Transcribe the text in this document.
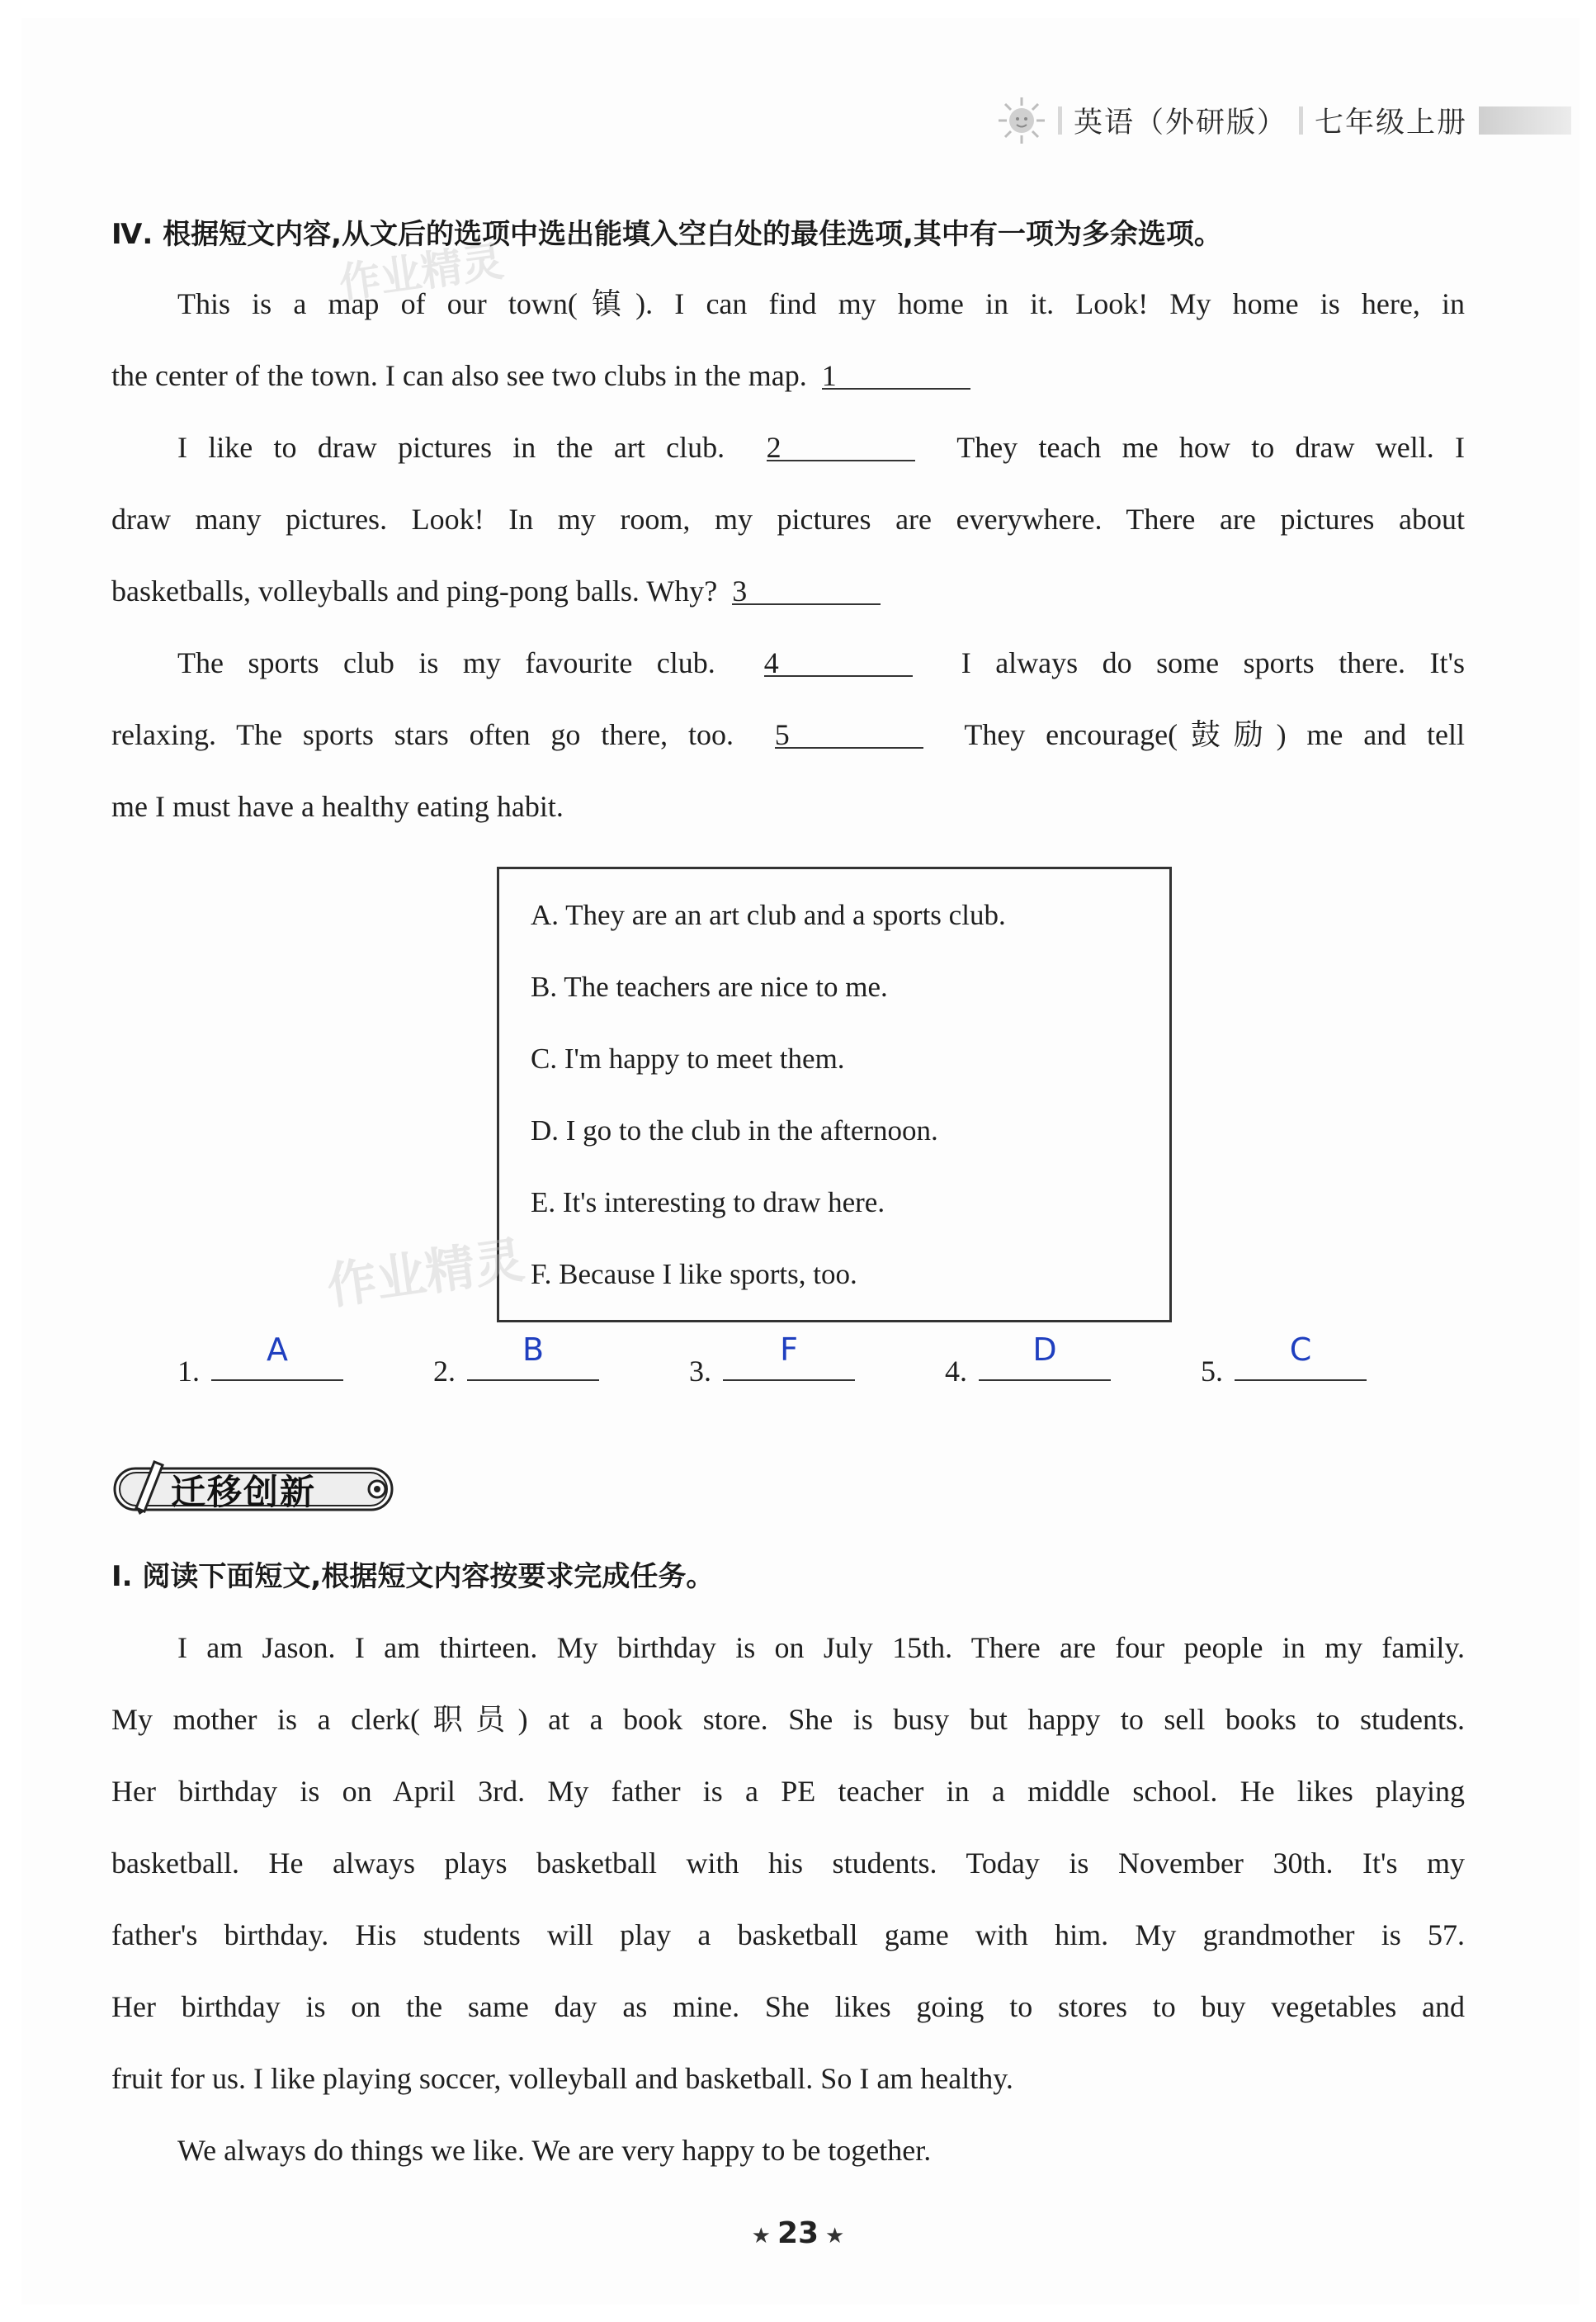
英语（外研版） 七年级上册
Ⅳ. 根据短文内容,从文后的选项中选出能填入空白处的最佳选项,其中有一项为多余选项。
This is a map of our town(镇). I can find my home in it. Look! My home is here, in
the center of the town. I can also see two clubs in the map. 1
I like to draw pictures in the art club. 2	They teach me how to draw well. I
draw many pictures. Look! In my room, my pictures are everywhere. There are pictures about
basketballs, volleyballs and ping-pong balls. Why? 3
The sports club is my favourite club. 4	I always do some sports there. It's
relaxing. The sports stars often go there, too. 5	They encourage(鼓励) me and tell
me I must have a healthy eating habit.
A. They are an art club and a sports club.
B. The teachers are nice to me.
C. I'm happy to meet them.
D. I go to the club in the afternoon.
E. It's interesting to draw here.
F. Because I like sports, too.
作业精灵
作业精灵
1.
A
2.
B
3.
F
4.
D
5.
C
迁移创新
Ⅰ. 阅读下面短文,根据短文内容按要求完成任务。
I am Jason. I am thirteen. My birthday is on July 15th. There are four people in my family.
My mother is a clerk(职员) at a book store. She is busy but happy to sell books to students.
Her birthday is on April 3rd. My father is a PE teacher in a middle school. He likes playing
basketball. He always plays basketball with his students. Today is November 30th. It's my
father's birthday. His students will play a basketball game with him. My grandmother is 57.
Her birthday is on the same day as mine. She likes going to stores to buy vegetables and
fruit for us. I like playing soccer, volleyball and basketball. So I am healthy.
We always do things we like. We are very happy to be together.
★ 23 ★
